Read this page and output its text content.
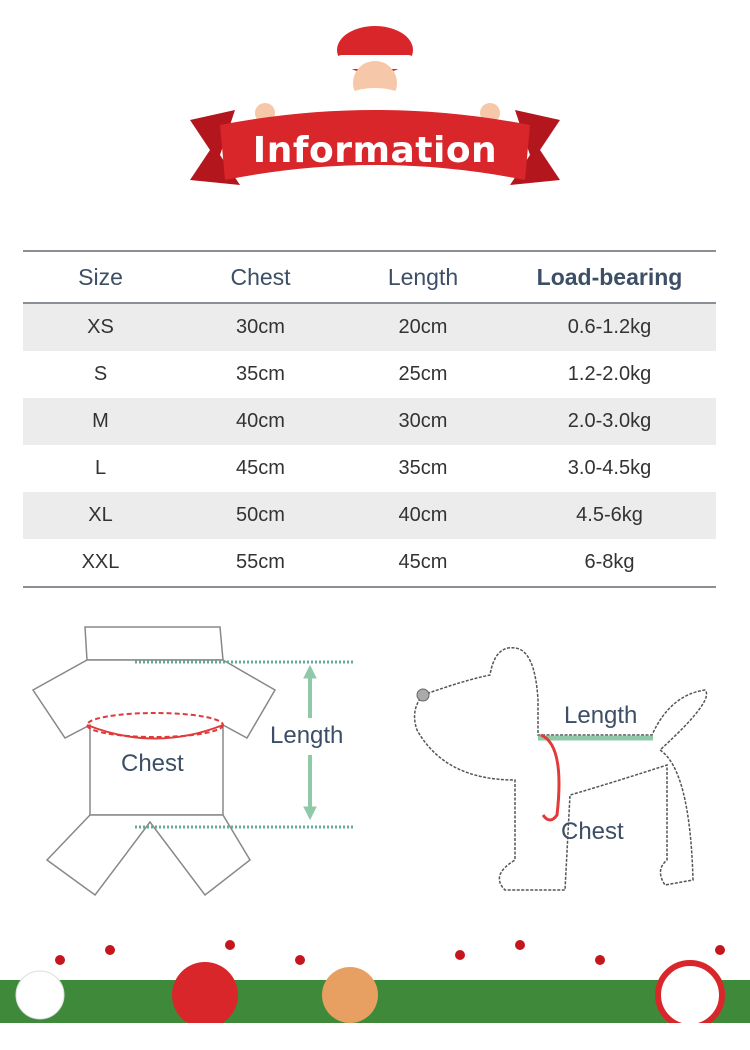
Information
Size	Chest	Length	Load-bearing
XS	30cm	20cm	0.6-1.2kg
S	35cm	25cm	1.2-2.0kg
M	40cm	30cm	2.0-3.0kg
L	45cm	35cm	3.0-4.5kg
XL	50cm	40cm	4.5-6kg
XXL	55cm	45cm	6-8kg
Chest
Length
Length
Chest
